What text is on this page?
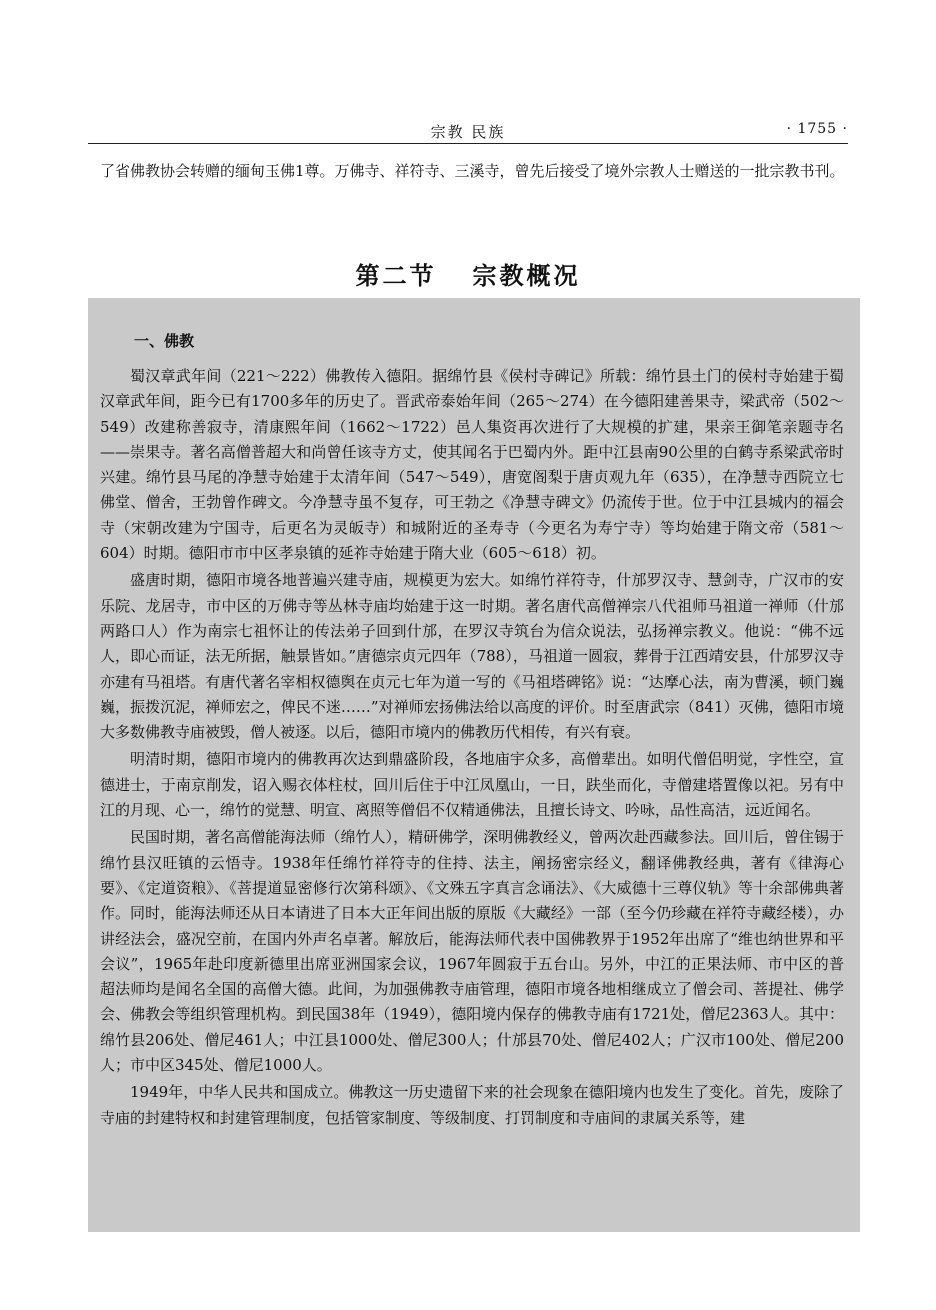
宗教 民族	· 1755 ·

了省佛教协会转赠的缅甸玉佛1尊。万佛寺、祥符寺、三溪寺，曾先后接受了境外宗教人士赠送的一批宗教书刊。

第二节 宗教概况
一、佛教

蜀汉章武年间（221～222）佛教传入德阳。据绵竹县《侯村寺碑记》所载：绵竹县土门的侯村寺始建于蜀汉章武年间，距今已有1700多年的历史了。晋武帝泰始年间（265～274）在今德阳建善果寺，梁武帝（502～549）改建称善寂寺，清康熙年间（1662～1722）邑人集资再次进行了大规模的扩建，果亲王御笔亲题寺名——崇果寺。著名高僧普超大和尚曾任该寺方丈，使其闻名于巴蜀内外。距中江县南90公里的白鹤寺系梁武帝时兴建。绵竹县马尾的净慧寺始建于太清年间（547～549），唐宽阁梨于唐贞观九年（635），在净慧寺西院立七佛堂、僧舍，王勃曾作碑文。今净慧寺虽不复存，可王勃之《净慧寺碑文》仍流传于世。位于中江县城内的福会寺（宋朝改建为宁国寺，后更名为灵皈寺）和城附近的圣寿寺（今更名为寿宁寺）等均始建于隋文帝（581～604）时期。德阳市市中区孝泉镇的延祚寺始建于隋大业（605～618）初。

盛唐时期，德阳市境各地普遍兴建寺庙，规模更为宏大。如绵竹祥符寺，什邡罗汉寺、慧剑寺，广汉市的安乐院、龙居寺，市中区的万佛寺等丛林寺庙均始建于这一时期。著名唐代高僧禅宗八代祖师马祖道一禅师（什邡两路口人）作为南宗七祖怀让的传法弟子回到什邡，在罗汉寺筑台为信众说法，弘扬禅宗教义。他说：“佛不远人，即心而证，法无所据，触景皆如。”唐德宗贞元四年（788），马祖道一圆寂，葬骨于江西靖安县，什邡罗汉寺亦建有马祖塔。有唐代著名宰相权德舆在贞元七年为道一写的《马祖塔碑铭》说：“达摩心法，南为曹溪，顿门巍巍，振拨沉泥，禅师宏之，俾民不迷……”对禅师宏扬佛法给以高度的评价。时至唐武宗（841）灭佛，德阳市境大多数佛教寺庙被毁，僧人被逐。以后，德阳市境内的佛教历代相传，有兴有衰。

明清时期，德阳市境内的佛教再次达到鼎盛阶段，各地庙宇众多，高僧辈出。如明代僧侣明觉，字性空，宣德进士，于南京削发，诏入赐衣体柱杖，回川后住于中江凤凰山，一日，趺坐而化，寺僧建塔置像以祀。另有中江的月现、心一，绵竹的觉慧、明宣、离照等僧侣不仅精通佛法，且擅长诗文、吟咏，品性高洁，远近闻名。

民国时期，著名高僧能海法师（绵竹人），精研佛学，深明佛教经义，曾两次赴西藏参法。回川后，曾住锡于绵竹县汉旺镇的云悟寺。1938年任绵竹祥符寺的住持、法主，阐扬密宗经义，翻译佛教经典，著有《律海心要》、《定道资粮》、《菩提道显密修行次第科颂》、《文殊五字真言念诵法》、《大威德十三尊仪轨》等十余部佛典著作。同时，能海法师还从日本请进了日本大正年间出版的原版《大藏经》一部（至今仍珍藏在祥符寺藏经楼），办讲经法会，盛况空前，在国内外声名卓著。解放后，能海法师代表中国佛教界于1952年出席了“维也纳世界和平会议”，1965年赴印度新德里出席亚洲国家会议，1967年圆寂于五台山。另外，中江的正果法师、市中区的普超法师均是闻名全国的高僧大德。此间，为加强佛教寺庙管理，德阳市境各地相继成立了僧会司、菩提社、佛学会、佛教会等组织管理机构。到民国38年（1949），德阳境内保存的佛教寺庙有1721处，僧尼2363人。其中：绵竹县206处、僧尼461人；中江县1000处、僧尼300人；什邡县70处、僧尼402人；广汉市100处、僧尼200人；市中区345处、僧尼1000人。

1949年，中华人民共和国成立。佛教这一历史遗留下来的社会现象在德阳境内也发生了变化。首先，废除了寺庙的封建特权和封建管理制度，包括管家制度、等级制度、打罚制度和寺庙间的隶属关系等，建
